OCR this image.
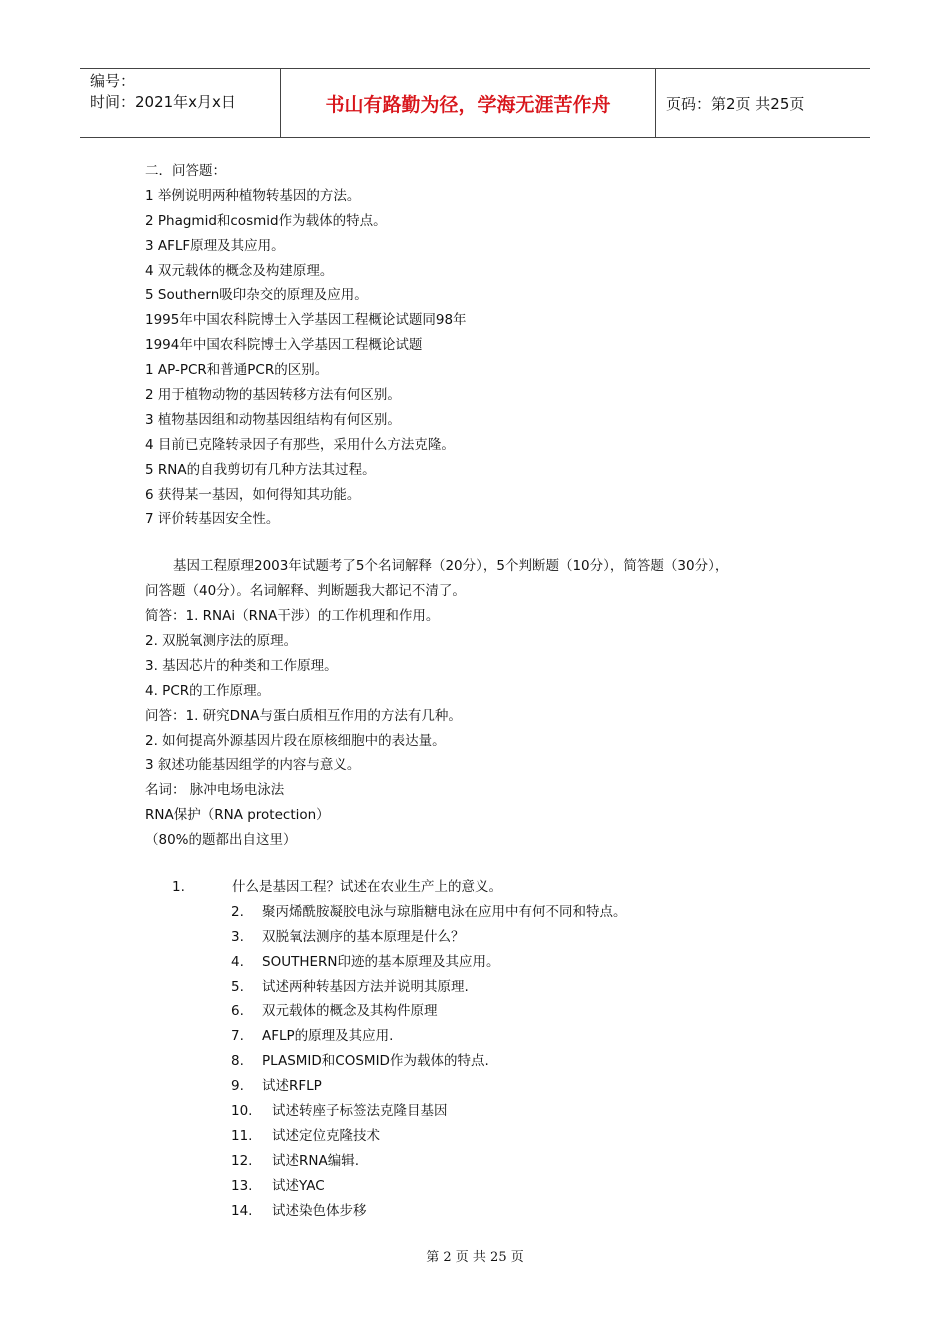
编号：
时间：2021年x月x日	书山有路勤为径，学海无涯苦作舟	页码：第2页 共25页
二．问答题：
1 举例说明两种植物转基因的方法。
2 Phagmid和cosmid作为载体的特点。
3 AFLF原理及其应用。
4 双元载体的概念及构建原理。
5 Southern吸印杂交的原理及应用。
1995年中国农科院博士入学基因工程概论试题同98年
1994年中国农科院博士入学基因工程概论试题
1 AP-PCR和普通PCR的区别。
2 用于植物动物的基因转移方法有何区别。
3 植物基因组和动物基因组结构有何区别。
4 目前已克隆转录因子有那些，采用什么方法克隆。
5 RNA的自我剪切有几种方法其过程。
6 获得某一基因，如何得知其功能。
7 评价转基因安全性。
基因工程原理2003年试题考了5个名词解释（20分），5个判断题（10分），简答题（30分），
问答题（40分）。名词解释、判断题我大都记不清了。
简答：1. RNAi（RNA干涉）的工作机理和作用。
2. 双脱氧测序法的原理。
3. 基因芯片的种类和工作原理。
4. PCR的工作原理。
问答：1. 研究DNA与蛋白质相互作用的方法有几种。
2. 如何提高外源基因片段在原核细胞中的表达量。
3 叙述功能基因组学的内容与意义。
名词： 脉冲电场电泳法
RNA保护（RNA protection）
（80%的题都出自这里）
1.	什么是基因工程？试述在农业生产上的意义。
2.	聚丙烯酰胺凝胶电泳与琼脂糖电泳在应用中有何不同和特点。
3.	双脱氧法测序的基本原理是什么？
4.	SOUTHERN印迹的基本原理及其应用。
5.	试述两种转基因方法并说明其原理.
6.	双元载体的概念及其构件原理
7.	AFLP的原理及其应用.
8.	PLASMID和COSMID作为载体的特点.
9.	试述RFLP
10.	试述转座子标签法克隆目基因
11.	试述定位克隆技术
12.	试述RNA编辑.
13.	试述YAC
14.	试述染色体步移
第 2 页 共 25 页
